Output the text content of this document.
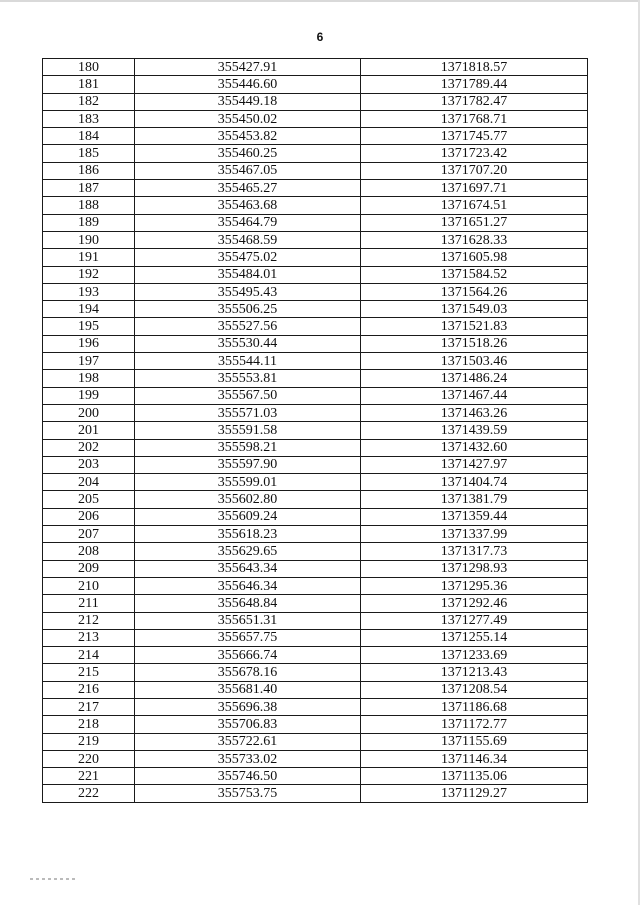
6
180	355427.91	1371818.57
181	355446.60	1371789.44
182	355449.18	1371782.47
183	355450.02	1371768.71
184	355453.82	1371745.77
185	355460.25	1371723.42
186	355467.05	1371707.20
187	355465.27	1371697.71
188	355463.68	1371674.51
189	355464.79	1371651.27
190	355468.59	1371628.33
191	355475.02	1371605.98
192	355484.01	1371584.52
193	355495.43	1371564.26
194	355506.25	1371549.03
195	355527.56	1371521.83
196	355530.44	1371518.26
197	355544.11	1371503.46
198	355553.81	1371486.24
199	355567.50	1371467.44
200	355571.03	1371463.26
201	355591.58	1371439.59
202	355598.21	1371432.60
203	355597.90	1371427.97
204	355599.01	1371404.74
205	355602.80	1371381.79
206	355609.24	1371359.44
207	355618.23	1371337.99
208	355629.65	1371317.73
209	355643.34	1371298.93
210	355646.34	1371295.36
211	355648.84	1371292.46
212	355651.31	1371277.49
213	355657.75	1371255.14
214	355666.74	1371233.69
215	355678.16	1371213.43
216	355681.40	1371208.54
217	355696.38	1371186.68
218	355706.83	1371172.77
219	355722.61	1371155.69
220	355733.02	1371146.34
221	355746.50	1371135.06
222	355753.75	1371129.27
